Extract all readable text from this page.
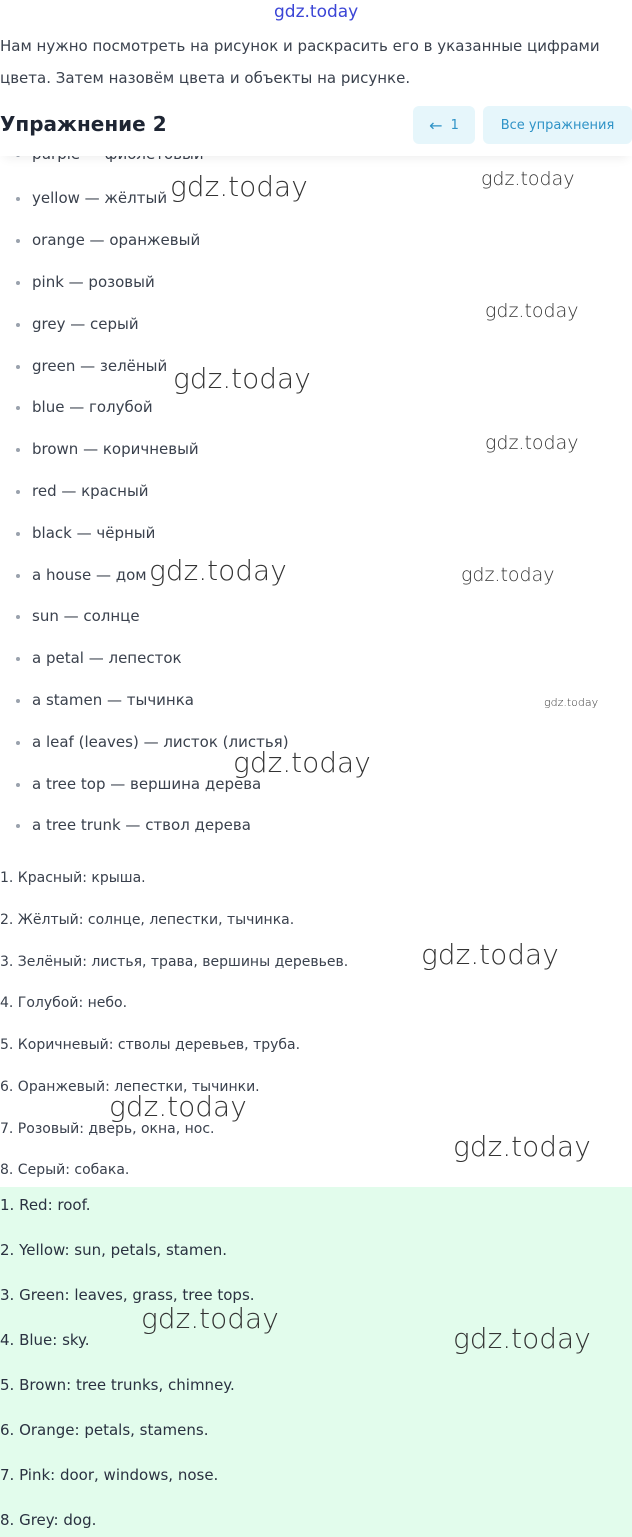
gdz.today
Нам нужно посмотреть на рисунок и раскрасить его в указанные цифрами цвета. Затем назовём цвета и объекты на рисунке.
yellow — жёлтый
orange — оранжевый
pink — розовый
grey — серый
green — зелёный
blue — голубой
brown — коричневый
red — красный
black — чёрный
a house — дом
sun — солнце
a petal — лепесток
a stamen — тычинка
a leaf (leaves) — листок (листья)
a tree top — вершина дерева
a tree trunk — ствол дерева
Упражнение 2	← 1	Все упражнения
1. Красный: крыша.
2. Жёлтый: солнце, лепестки, тычинка.
3. Зелёный: листья, трава, вершины деревьев.
4. Голубой: небо.
5. Коричневый: стволы деревьев, труба.
6. Оранжевый: лепестки, тычинки.
7. Розовый: дверь, окна, нос.
8. Серый: собака.
1. Red: roof.
2. Yellow: sun, petals, stamen.
3. Green: leaves, grass, tree tops.
4. Blue: sky.
5. Brown: tree trunks, chimney.
6. Orange: petals, stamens.
7. Pink: door, windows, nose.
8. Grey: dog.
gdz.today	gdz.today
gdz.today
gdz.today
gdz.today
gdz.today	gdz.today
gdz.today
gdz.today
gdz.today
gdz.today
gdz.today
gdz.today
gdz.today
